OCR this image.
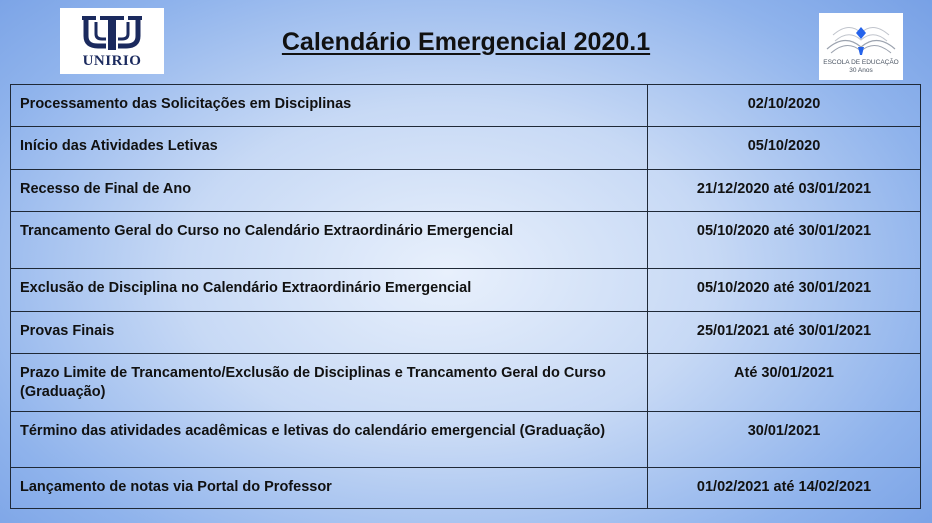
UNIRIO
Calendário Emergencial 2020.1
ESCOLA DE EDUCAÇÃO
30 Anos
Processamento das Solicitações em Disciplinas	02/10/2020
Início das Atividades Letivas	05/10/2020
Recesso de Final de Ano	21/12/2020 até 03/01/2021
Trancamento Geral do Curso no Calendário Extraordinário Emergencial	05/10/2020 até 30/01/2021
Exclusão de Disciplina no Calendário Extraordinário Emergencial	05/10/2020 até 30/01/2021
Provas Finais	25/01/2021 até 30/01/2021
Prazo Limite de Trancamento/Exclusão de Disciplinas e Trancamento Geral do Curso (Graduação)	Até 30/01/2021
Término das atividades acadêmicas e letivas do calendário emergencial (Graduação)	30/01/2021
Lançamento de notas via Portal do Professor	01/02/2021 até 14/02/2021
